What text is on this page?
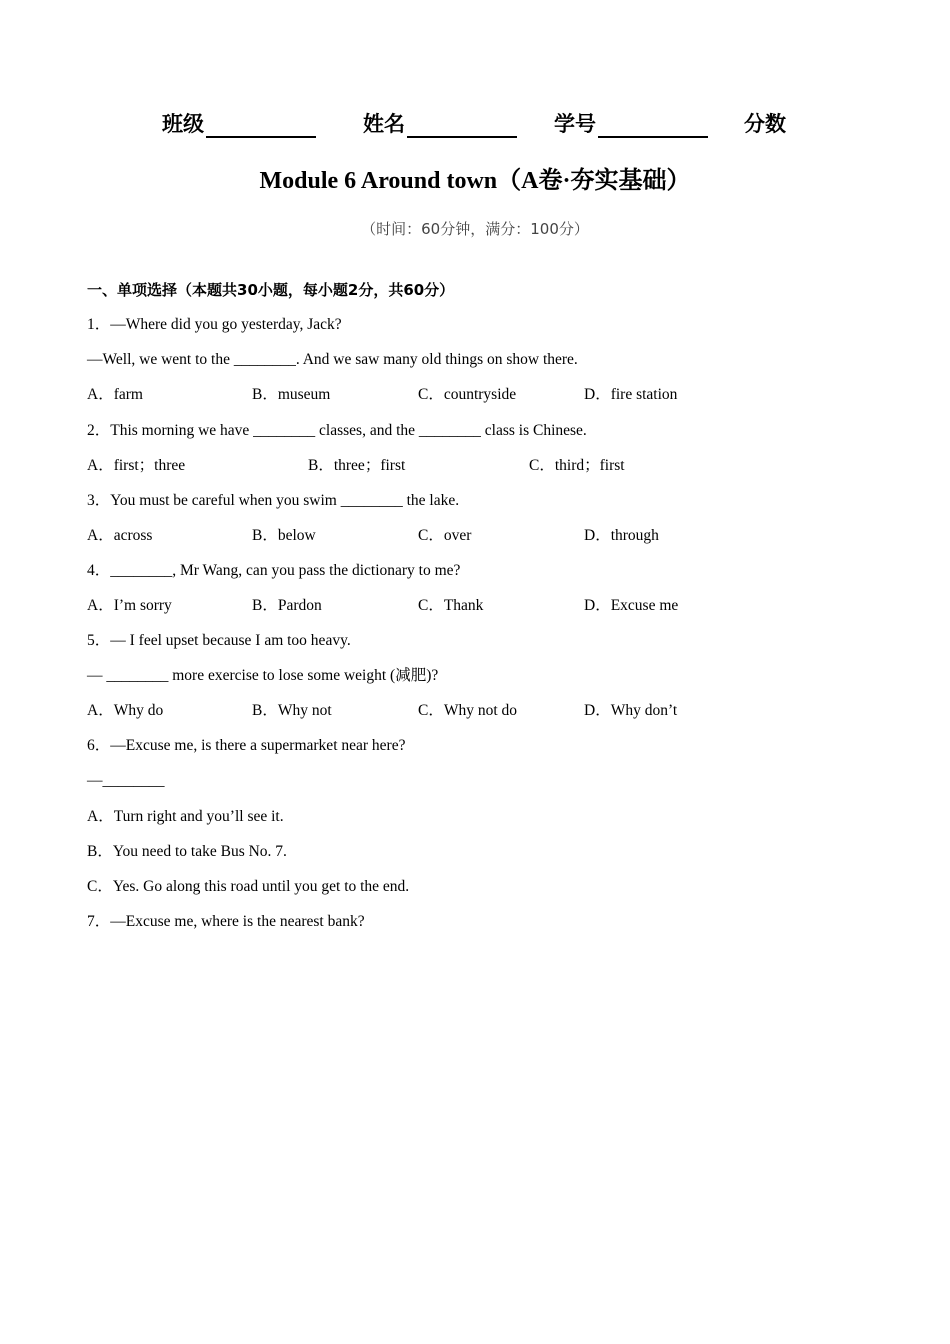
班级	姓名	学号	分数
Module 6 Around town（A卷·夯实基础）
（时间：60分钟，满分：100分）
一、单项选择（本题共30小题，每小题2分，共60分）
1．—Where did you go yesterday, Jack?
—Well, we went to the ________. And we saw many old things on show there.
A．farm	B．museum	C．countryside	D．fire station
2．This morning we have ________ classes, and the ________ class is Chinese.
A．first；three	B．three；first	C．third；first
3．You must be careful when you swim ________ the lake.
A．across	B．below	C．over	D．through
4．________, Mr Wang, can you pass the dictionary to me?
A．I’m sorry	B．Pardon	C．Thank	D．Excuse me
5．— I feel upset because I am too heavy.
— ________ more exercise to lose some weight (减肥)?
A．Why do	B．Why not	C．Why not do	D．Why don’t
6．—Excuse me, is there a supermarket near here?
—________
A．Turn right and you’ll see it.
B．You need to take Bus No. 7.
C．Yes. Go along this road until you get to the end.
7．—Excuse me, where is the nearest bank?
